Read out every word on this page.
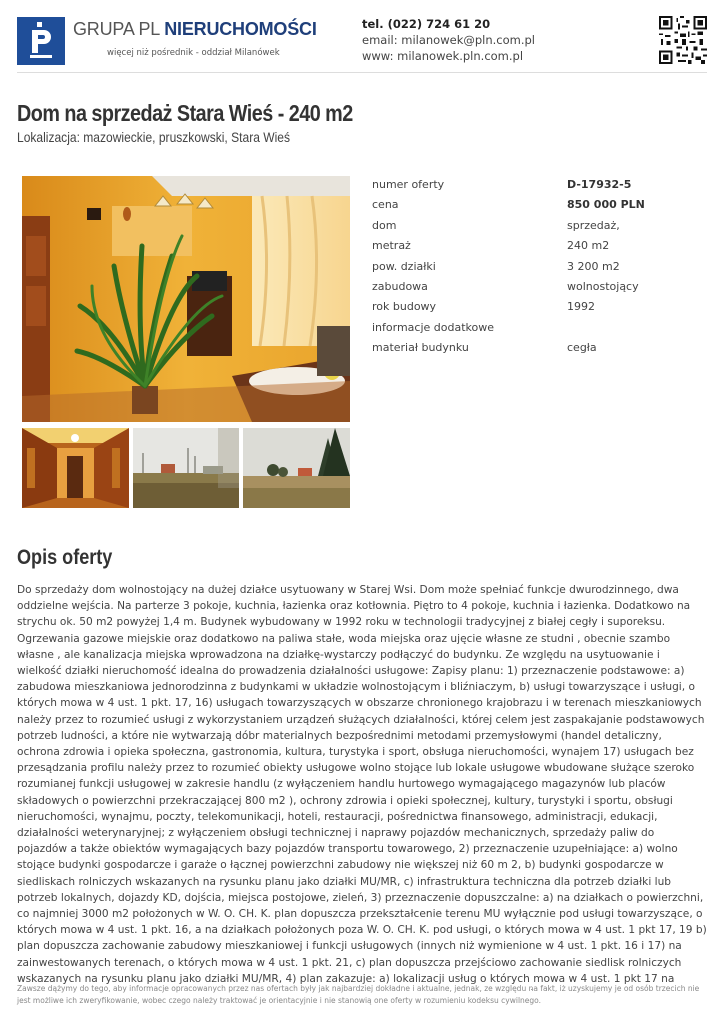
GRUPA PL NIERUCHOMOŚCI
więcej niż pośrednik - oddział Milanówek
tel. (022) 724 61 20
email: milanowek@pln.com.pl
www: milanowek.pln.com.pl
Dom na sprzedaż Stara Wieś - 240 m2
Lokalizacja: mazowieckie, pruszkowski, Stara Wieś
numer oferty	D-17932-5
cena	850 000 PLN
dom	sprzedaż,
metraż	240 m2
pow. działki	3 200 m2
zabudowa	wolnostojący
rok budowy	1992
informacje dodatkowe
materiał budynku	cegła
Opis oferty
Do sprzedaży dom wolnostojący na dużej działce usytuowany w Starej Wsi. Dom może spełniać funkcje dwurodzinnego, dwa oddzielne wejścia. Na parterze 3 pokoje, kuchnia, łazienka oraz kotłownia. Piętro to 4 pokoje, kuchnia i łazienka. Dodatkowo na strychu ok. 50 m2 powyżej 1,4 m. Budynek wybudowany w 1992 roku w technologii tradycyjnej z białej cegły i suporeksu. Ogrzewania gazowe miejskie oraz dodatkowo na paliwa stałe, woda miejska oraz ujęcie własne ze studni , obecnie szambo własne , ale kanalizacja miejska wprowadzona na działkę-wystarczy podłączyć do budynku. Ze względu na usytuowanie i wielkość działki nieruchomość idealna do prowadzenia działalności usługowe: Zapisy planu: 1) przeznaczenie podstawowe: a) zabudowa mieszkaniowa jednorodzinna z budynkami w układzie wolnostojącym i bliźniaczym, b) usługi towarzyszące i usługi, o których mowa w 4 ust. 1 pkt. 17, 16) usługach towarzyszących w obszarze chronionego krajobrazu i w terenach mieszkaniowych należy przez to rozumieć usługi z wykorzystaniem urządzeń służących działalności, której celem jest zaspakajanie podstawowych potrzeb ludności, a które nie wytwarzają dóbr materialnych bezpośrednimi metodami przemysłowymi (handel detaliczny, ochrona zdrowia i opieka społeczna, gastronomia, kultura, turystyka i sport, obsługa nieruchomości, wynajem 17) usługach bez przesądzania profilu należy przez to rozumieć obiekty usługowe wolno stojące lub lokale usługowe wbudowane służące szeroko rozumianej funkcji usługowej w zakresie handlu (z wyłączeniem handlu hurtowego wymagającego magazynów lub placów składowych o powierzchni przekraczającej 800 m2 ), ochrony zdrowia i opieki społecznej, kultury, turystyki i sportu, obsługi nieruchomości, wynajmu, poczty, telekomunikacji, hoteli, restauracji, pośrednictwa finansowego, administracji, edukacji, działalności weterynaryjnej; z wyłączeniem obsługi technicznej i naprawy pojazdów mechanicznych, sprzedaży paliw do pojazdów a także obiektów wymagających bazy pojazdów transportu towarowego, 2) przeznaczenie uzupełniające: a) wolno stojące budynki gospodarcze i garaże o łącznej powierzchni zabudowy nie większej niż 60 m 2, b) budynki gospodarcze w siedliskach rolniczych wskazanych na rysunku planu jako działki MU/MR, c) infrastruktura techniczna dla potrzeb działki lub potrzeb lokalnych, dojazdy KD, dojścia, miejsca postojowe, zieleń, 3) przeznaczenie dopuszczalne: a) na działkach o powierzchni, co najmniej 3000 m2 położonych w W. O. CH. K. plan dopuszcza przekształcenie terenu MU wyłącznie pod usługi towarzyszące, o których mowa w 4 ust. 1 pkt. 16, a na działkach położonych poza W. O. CH. K. pod usługi, o których mowa w 4 ust. 1 pkt 17, 19 b) plan dopuszcza zachowanie zabudowy mieszkaniowej i funkcji usługowych (innych niż wymienione w 4 ust. 1 pkt. 16 i 17) na zainwestowanych terenach, o których mowa w 4 ust. 1 pkt. 21, c) plan dopuszcza przejściowo zachowanie siedlisk rolniczych wskazanych na rysunku planu jako działki MU/MR, 4) plan zakazuje: a) lokalizacji usług o których mowa w 4 ust. 1 pkt 17 na
Zawsze dążymy do tego, aby informacje opracowanych przez nas ofertach były jak najbardziej dokładne i aktualne, jednak, ze względu na fakt, iż uzyskujemy je od osób trzecich nie jest możliwe ich zweryfikowanie, wobec czego należy traktować je orientacyjnie i nie stanowią one oferty w rozumieniu kodeksu cywilnego.
